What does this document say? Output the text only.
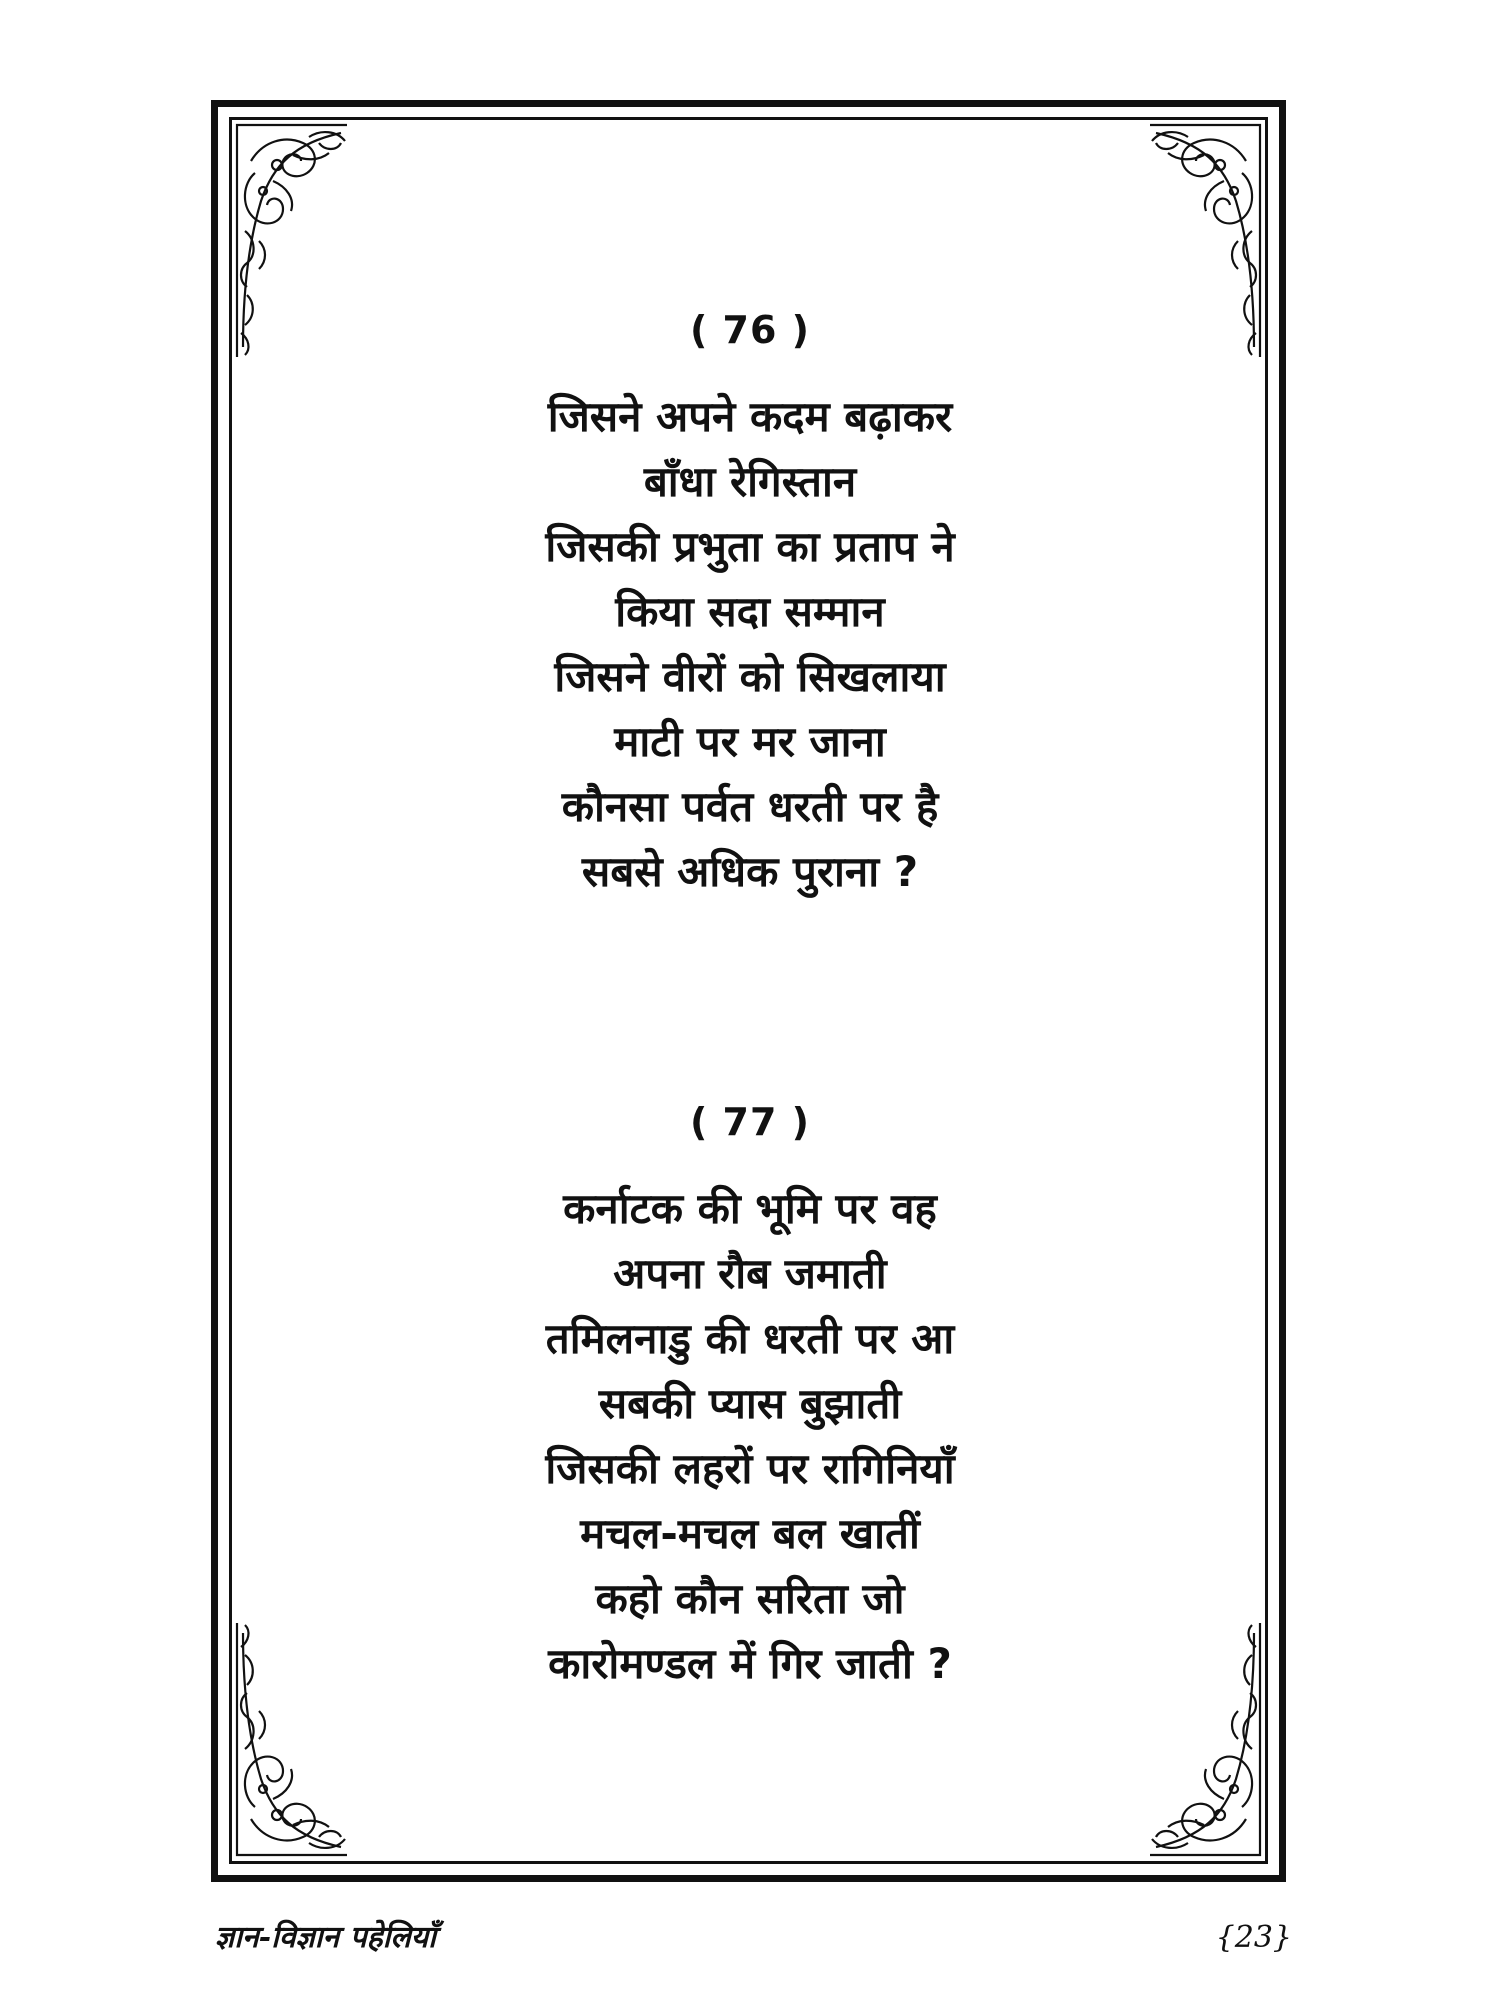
( 76 )
जिसने अपने कदम बढ़ाकर
बाँधा रेगिस्तान
जिसकी प्रभुता का प्रताप ने
किया सदा सम्मान
जिसने वीरों को सिखलाया
माटी पर मर जाना
कौनसा पर्वत धरती पर है
सबसे अधिक पुराना ?
( 77 )
कर्नाटक की भूमि पर वह
अपना रौब जमाती
तमिलनाडु की धरती पर आ
सबकी प्यास बुझाती
जिसकी लहरों पर रागिनियाँ
मचल-मचल बल खातीं
कहो कौन सरिता जो
कारोमण्डल में गिर जाती ?
ज्ञान-विज्ञान पहेलियाँ	{23}
